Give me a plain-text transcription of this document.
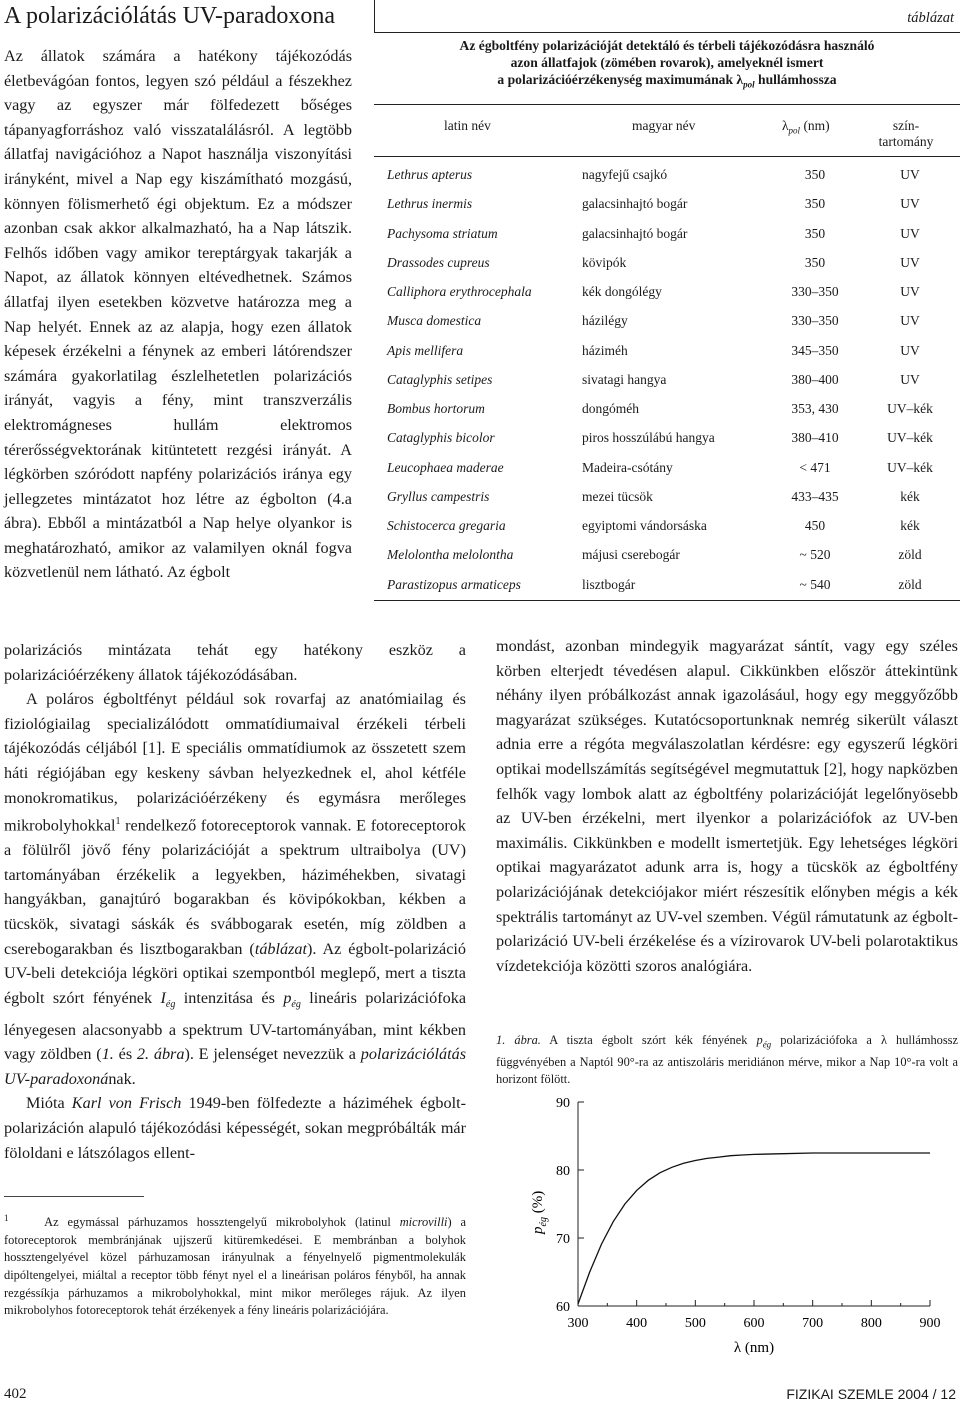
A polarizációlátás UV-paradoxona

Az állatok számára a hatékony tájékozódás életbevágóan fontos, legyen szó például a fészekhez vagy az egyszer már fölfedezett bőséges tápanyagforráshoz való visszatalálásról. A legtöbb állatfaj navigációhoz a Napot használja viszonyítási irányként, mivel a Nap egy kiszámítható mozgású, könnyen fölismerhető égi objektum. Ez a módszer azonban csak akkor alkalmazható, ha a Nap látszik. Felhős időben vagy amikor tereptárgyak takarják a Napot, az állatok könnyen eltévedhetnek. Számos állatfaj ilyen esetekben közvetve határozza meg a Nap helyét. Ennek az az alapja, hogy ezen állatok képesek érzékelni a fénynek az emberi látórendszer számára gyakorlatilag észlelhetetlen polarizációs irányát, vagyis a fény, mint transzverzális elektromágneses hullám elektromos térerősségvektorának kitüntetett rezgési irányát. A légkörben szóródott napfény polarizációs iránya egy jellegzetes mintázatot hoz létre az égbolton (4.a ábra). Ebből a mintázatból a Nap helye olyankor is meghatározható, amikor az valamilyen oknál fogva közvetlenül nem látható. Az égbolt

polarizációs mintázata tehát egy hatékony eszköz a polarizációérzékeny állatok tájékozódásában.

A poláros égboltfényt például sok rovarfaj az anatómiailag és fiziológiailag specializálódott ommatídiumaival érzékeli térbeli tájékozódás céljából [1]. E speciális ommatídiumok az összetett szem háti régiójában egy keskeny sávban helyezkednek el, ahol kétféle monokromatikus, polarizációérzékeny és egymásra merőleges mikrobolyhokkal$^1$ rendelkező fotoreceptorok vannak. E fotoreceptorok a fölülről jövő fény polarizációját a spektrum ultraibolya (UV) tartományában érzékelik a legyekben, háziméhekben, sivatagi hangyákban, ganajtúró bogarakban és kövipókokban, kékben a tücskök, sivatagi sáskák és svábbogarak esetén, míg zöldben a cserebogarakban és lisztbogarakban (táblázat). Az égbolt-polarizáció UV-beli detekciója légköri optikai szempontból meglepő, mert a tiszta égbolt szórt fényének $I_{ég}$ intenzitása és $p_{ég}$ lineáris polarizációfoka lényegesen alacsonyabb a spektrum UV-tartományában, mint kékben vagy zöldben (1. és 2. ábra). E jelenséget nevezzük a polarizációlátás UV-paradoxonának.

Mióta Karl von Frisch 1949-ben fölfedezte a háziméhek égbolt-polarizáción alapuló tájékozódási képességét, sokan megpróbálták már föloldani e látszólagos ellent-

$^1$	Az egymással párhuzamos hossztengelyű mikrobolyhok (latinul microvilli) a fotoreceptorok membránjának ujjszerű kitüremkedései. E membránban a bolyhok hossztengelyével közel párhuzamosan irányulnak a fényelnyelő pigmentmolekulák dipóltengelyei, miáltal a receptor több fényt nyel el a lineárisan poláros fényből, ha annak rezgéssíkja párhuzamos a mikrobolyhokkal, mint mikor merőleges rájuk. Az ilyen mikrobolyhos fotoreceptorok tehát érzékenyek a fény lineáris polarizációjára.
táblázat
Az égboltfény polarizációját detektáló és térbeli tájékozódásra használó
azon állatfajok (zömében rovarok), amelyeknél ismert
a polarizációérzékenység maximumának $\lambda_{pol}$ hullámhossza
latin név	magyar név	$\lambda_{pol}$ (nm)	szín-
tartomány
Lethrus apterus	nagyfejű csajkó	350	UV
Lethrus inermis	galacsinhajtó bogár	350	UV
Pachysoma striatum	galacsinhajtó bogár	350	UV
Drassodes cupreus	kövipók	350	UV
Calliphora erythrocephala	kék dongólégy	330–350	UV
Musca domestica	házilégy	330–350	UV
Apis mellifera	háziméh	345–350	UV
Cataglyphis setipes	sivatagi hangya	380–400	UV
Bombus hortorum	dongóméh	353, 430	UV–kék
Cataglyphis bicolor	piros hosszúlábú hangya	380–410	UV–kék
Leucophaea maderae	Madeira-csótány	< 471	UV–kék
Gryllus campestris	mezei tücsök	433–435	kék
Schistocerca gregaria	egyiptomi vándorsáska	450	kék
Melolontha melolontha	májusi cserebogár	~ 520	zöld
Parastizopus armaticeps	lisztbogár	~ 540	zöld

mondást, azonban mindegyik magyarázat sántít, vagy egy széles körben elterjedt tévedésen alapul. Cikkünkben először áttekintünk néhány ilyen próbálkozást annak igazolásául, hogy egy meggyőzőbb magyarázat szükséges. Kutatócsoportunknak nemrég sikerült választ adnia erre a régóta megválaszolatlan kérdésre: egy egyszerű légköri optikai modellszámítás segítségével megmutattuk [2], hogy napközben felhők vagy lombok alatt az égboltfény polarizációját legelőnyösebb az UV-ben érzékelni, mert ilyenkor a polarizációfok az UV-ben maximális. Cikkünkben e modellt ismertetjük. Egy lehetséges légköri optikai magyarázatot adunk arra is, hogy a tücskök az égboltfény polarizációjának detekciójakor miért részesítik előnyben mégis a kék spektrális tartományt az UV-vel szemben. Végül rámutatunk az égbolt-polarizáció UV-beli érzékelése és a vízirovarok UV-beli polarotaktikus vízdetekciója közötti szoros analógiára.

1. ábra. A tiszta égbolt szórt kék fényének $p_{ég}$ polarizációfoka a λ hullámhossz függvényében a Naptól 90°-ra az antiszoláris meridiánon mérve, mikor a Nap 10°-ra volt a horizont fölött.
60
70
80
90
300	400	500	600	700	800	900
λ (nm)
$p_{ég}$ (%)
402	FIZIKAI SZEMLE 2004 / 12
